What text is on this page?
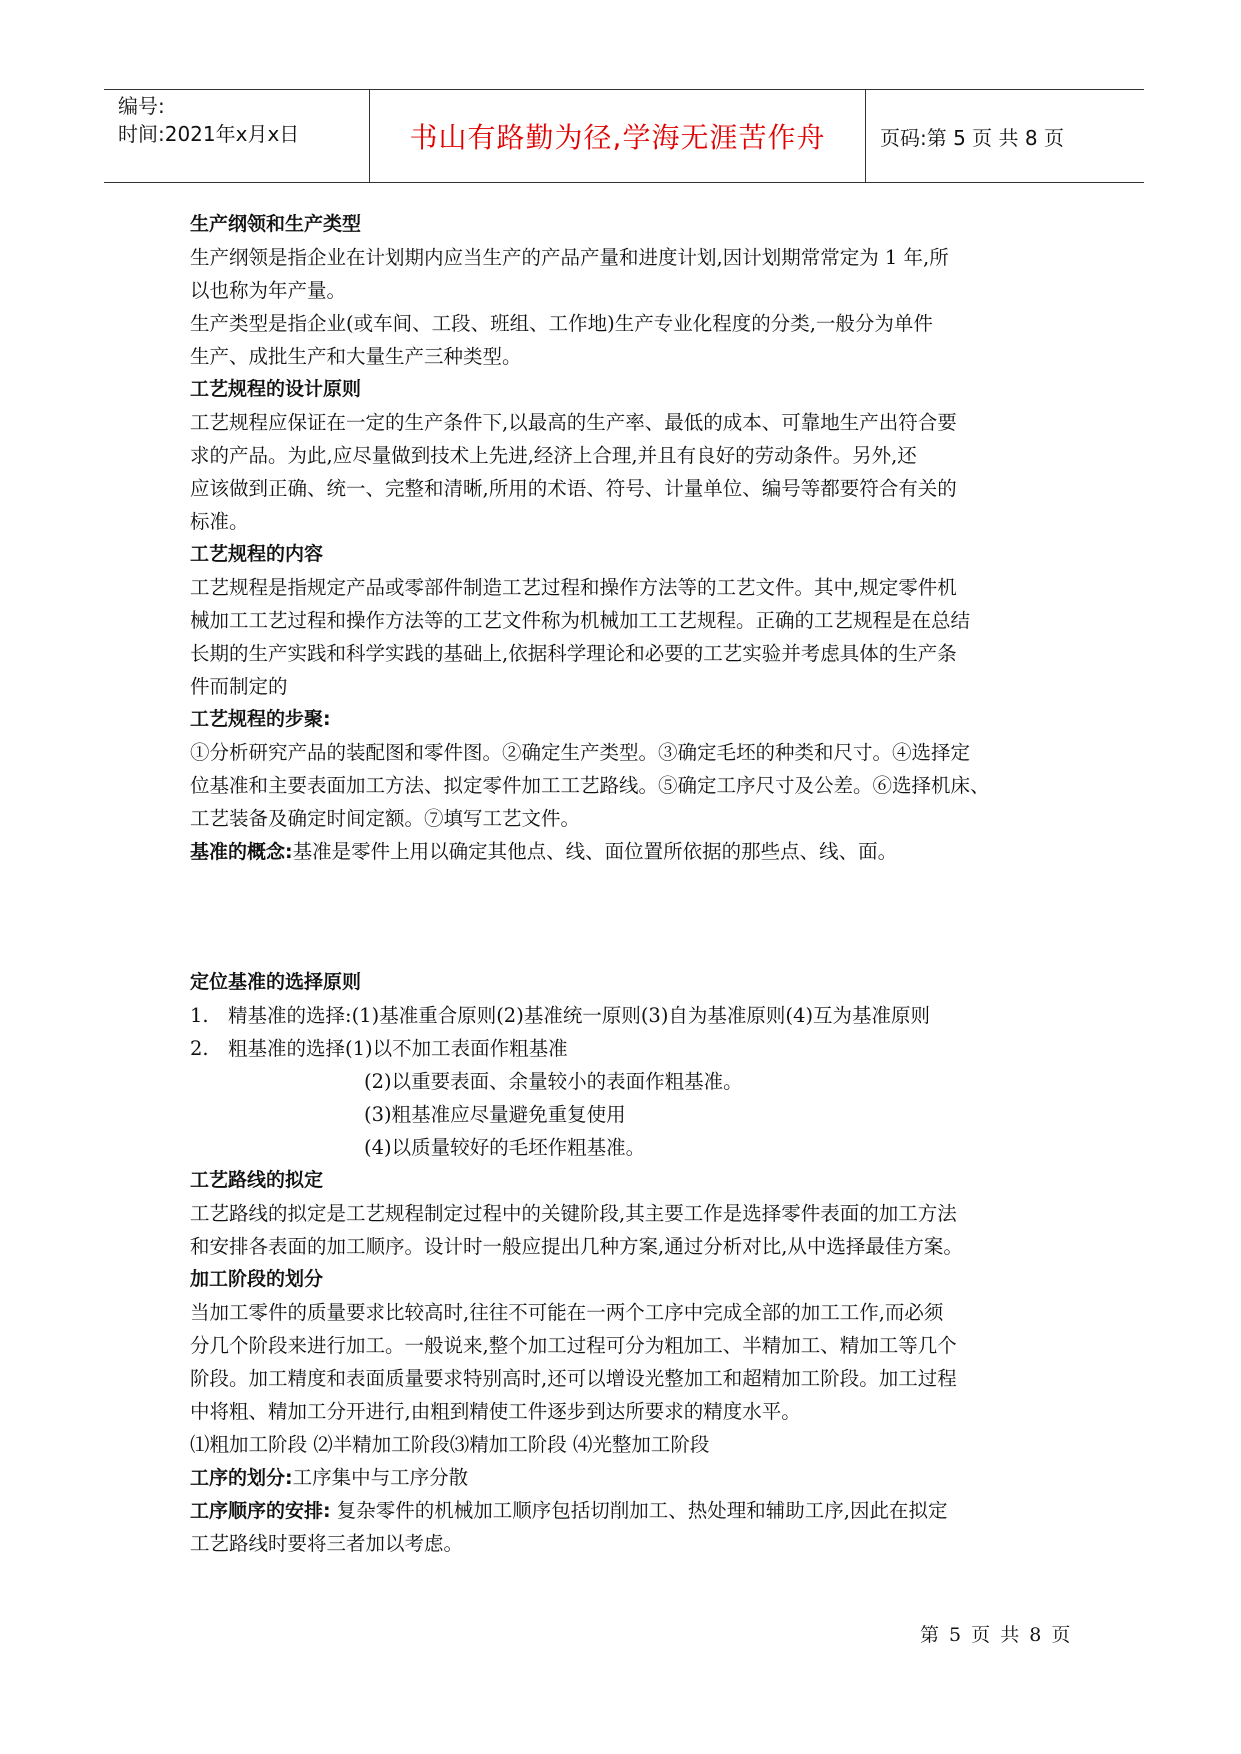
编号:
时间:2021年x月x日	书山有路勤为径,学海无涯苦作舟	页码:第 5 页 共 8 页
生产纲领和生产类型
生产纲领是指企业在计划期内应当生产的产品产量和进度计划,因计划期常常定为 1 年,所
以也称为年产量。
生产类型是指企业(或车间、工段、班组、工作地)生产专业化程度的分类,一般分为单件
生产、成批生产和大量生产三种类型。
工艺规程的设计原则
工艺规程应保证在一定的生产条件下,以最高的生产率、最低的成本、可靠地生产出符合要
求的产品。为此,应尽量做到技术上先进,经济上合理,并且有良好的劳动条件。另外,还
应该做到正确、统一、完整和清晰,所用的术语、符号、计量单位、编号等都要符合有关的
标准。
工艺规程的内容
工艺规程是指规定产品或零部件制造工艺过程和操作方法等的工艺文件。其中,规定零件机
械加工工艺过程和操作方法等的工艺文件称为机械加工工艺规程。正确的工艺规程是在总结
长期的生产实践和科学实践的基础上,依据科学理论和必要的工艺实验并考虑具体的生产条
件而制定的
工艺规程的步聚:
①分析研究产品的装配图和零件图。②确定生产类型。③确定毛坯的种类和尺寸。④选择定
位基准和主要表面加工方法、拟定零件加工工艺路线。⑤确定工序尺寸及公差。⑥选择机床、
工艺装备及确定时间定额。⑦填写工艺文件。
基准的概念:基准是零件上用以确定其他点、线、面位置所依据的那些点、线、面。
定位基准的选择原则
1. 精基准的选择:(1)基准重合原则(2)基准统一原则(3)自为基准原则(4)互为基准原则
2. 粗基准的选择(1)以不加工表面作粗基准
(2)以重要表面、余量较小的表面作粗基准。
(3)粗基准应尽量避免重复使用
(4)以质量较好的毛坯作粗基准。
工艺路线的拟定
工艺路线的拟定是工艺规程制定过程中的关键阶段,其主要工作是选择零件表面的加工方法
和安排各表面的加工顺序。设计时一般应提出几种方案,通过分析对比,从中选择最佳方案。
加工阶段的划分
当加工零件的质量要求比较高时,往往不可能在一两个工序中完成全部的加工工作,而必须
分几个阶段来进行加工。一般说来,整个加工过程可分为粗加工、半精加工、精加工等几个
阶段。加工精度和表面质量要求特别高时,还可以增设光整加工和超精加工阶段。加工过程
中将粗、精加工分开进行,由粗到精使工件逐步到达所要求的精度水平。
⑴粗加工阶段 ⑵半精加工阶段⑶精加工阶段 ⑷光整加工阶段
工序的划分:工序集中与工序分散
工序顺序的安排: 复杂零件的机械加工顺序包括切削加工、热处理和辅助工序,因此在拟定
工艺路线时要将三者加以考虑。
第 5 页 共 8 页
